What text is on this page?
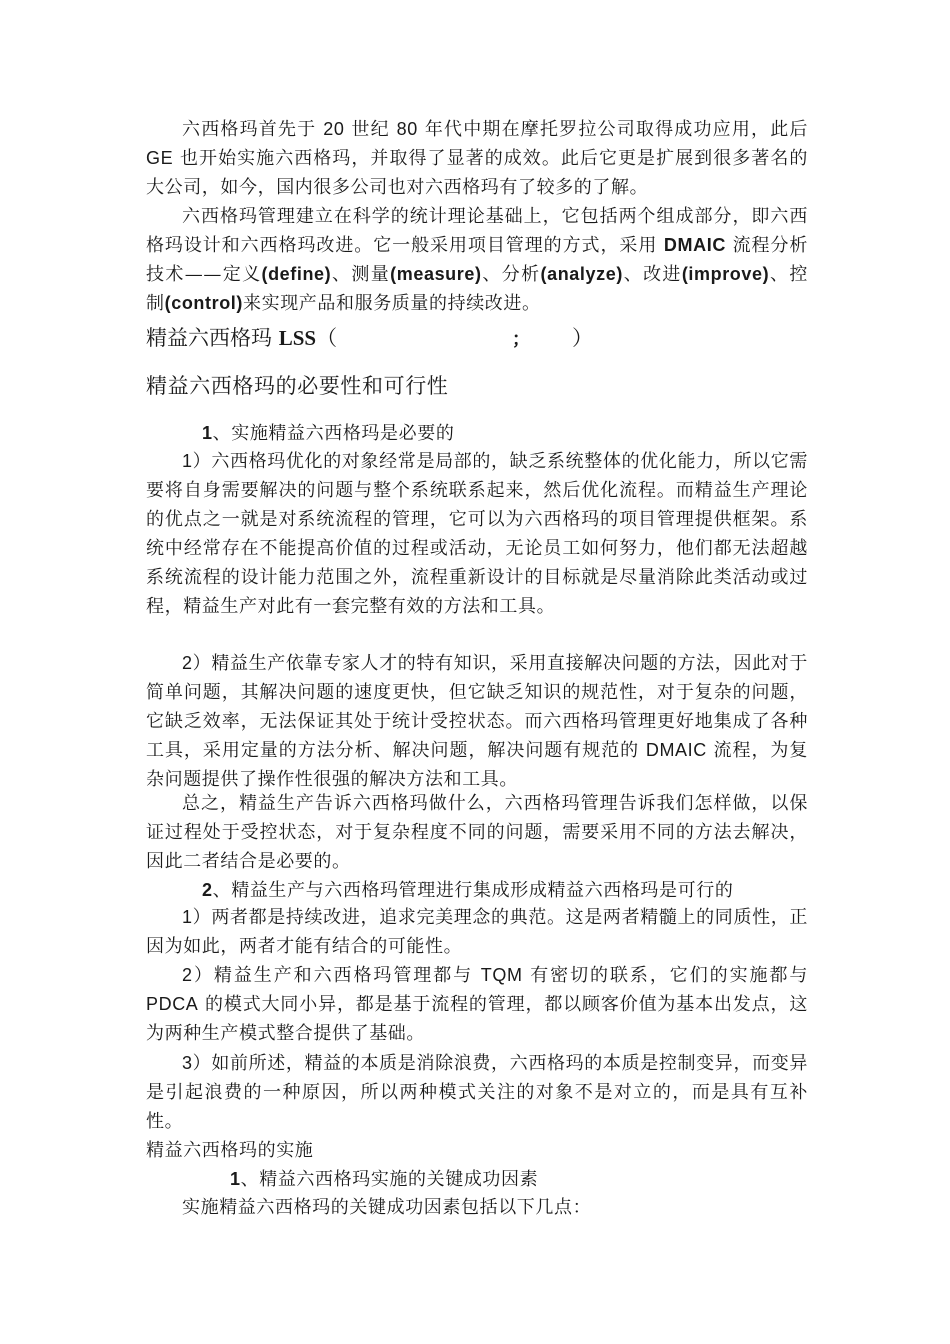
六西格玛首先于 20 世纪 80 年代中期在摩托罗拉公司取得成功应用，此后 GE 也开始实施六西格玛，并取得了显著的成效。此后它更是扩展到很多著名的大公司，如今，国内很多公司也对六西格玛有了较多的了解。

六西格玛管理建立在科学的统计理论基础上，它包括两个组成部分，即六西格玛设计和六西格玛改进。它一般采用项目管理的方式，采用 DMAIC 流程分析技术——定义(define)、测量(measure)、分析(analyze)、改进(improve)、控制(control)来实现产品和服务质量的持续改进。

精益六西格玛 LSS（	； ）

精益六西格玛的必要性和可行性

1、实施精益六西格玛是必要的

1）六西格玛优化的对象经常是局部的，缺乏系统整体的优化能力，所以它需要将自身需要解决的问题与整个系统联系起来，然后优化流程。而精益生产理论的优点之一就是对系统流程的管理，它可以为六西格玛的项目管理提供框架。系统中经常存在不能提高价值的过程或活动，无论员工如何努力，他们都无法超越系统流程的设计能力范围之外，流程重新设计的目标就是尽量消除此类活动或过程，精益生产对此有一套完整有效的方法和工具。

2）精益生产依靠专家人才的特有知识，采用直接解决问题的方法，因此对于简单问题，其解决问题的速度更快，但它缺乏知识的规范性，对于复杂的问题，它缺乏效率，无法保证其处于统计受控状态。而六西格玛管理更好地集成了各种工具，采用定量的方法分析、解决问题，解决问题有规范的 DMAIC 流程，为复杂问题提供了操作性很强的解决方法和工具。

总之，精益生产告诉六西格玛做什么，六西格玛管理告诉我们怎样做，以保证过程处于受控状态，对于复杂程度不同的问题，需要采用不同的方法去解决，因此二者结合是必要的。

2、精益生产与六西格玛管理进行集成形成精益六西格玛是可行的

1）两者都是持续改进，追求完美理念的典范。这是两者精髓上的同质性，正因为如此，两者才能有结合的可能性。

2）精益生产和六西格玛管理都与 TQM 有密切的联系，它们的实施都与 PDCA 的模式大同小异，都是基于流程的管理，都以顾客价值为基本出发点，这为两种生产模式整合提供了基础。

3）如前所述，精益的本质是消除浪费，六西格玛的本质是控制变异，而变异是引起浪费的一种原因，所以两种模式关注的对象不是对立的，而是具有互补性。

精益六西格玛的实施

1、精益六西格玛实施的关键成功因素

实施精益六西格玛的关键成功因素包括以下几点：
